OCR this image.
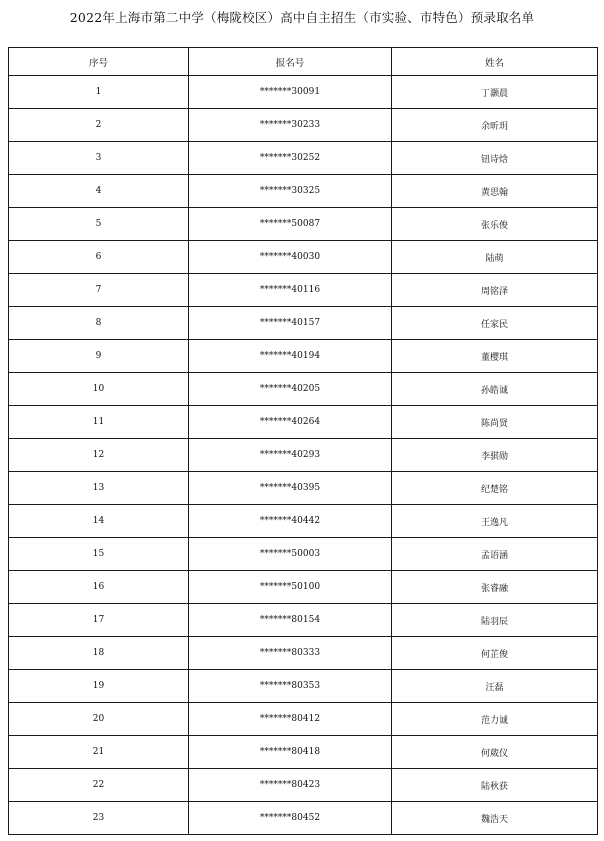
2022年上海市第二中学（梅陇校区）高中自主招生（市实验、市特色）预录取名单
序号	报名号	姓名
1	*******30091	丁灏晨
2	*******30233	余昕玥
3	*******30252	钮诗焓
4	*******30325	黄思翰
5	*******50087	张乐俊
6	*******40030	陆萌
7	*******40116	周铭泽
8	*******40157	任家民
9	*******40194	董樱琪
10	*******40205	孙皓诚
11	*******40264	陈尚贤
12	*******40293	李骐勋
13	*******40395	纪楚铭
14	*******40442	王逸凡
15	*******50003	孟语涵
16	*******50100	张睿融
17	*******80154	陆羽辰
18	*******80333	何芷俊
19	*******80353	汪磊
20	*******80412	范力诚
21	*******80418	何葳仪
22	*******80423	陆秋获
23	*******80452	魏浩天
